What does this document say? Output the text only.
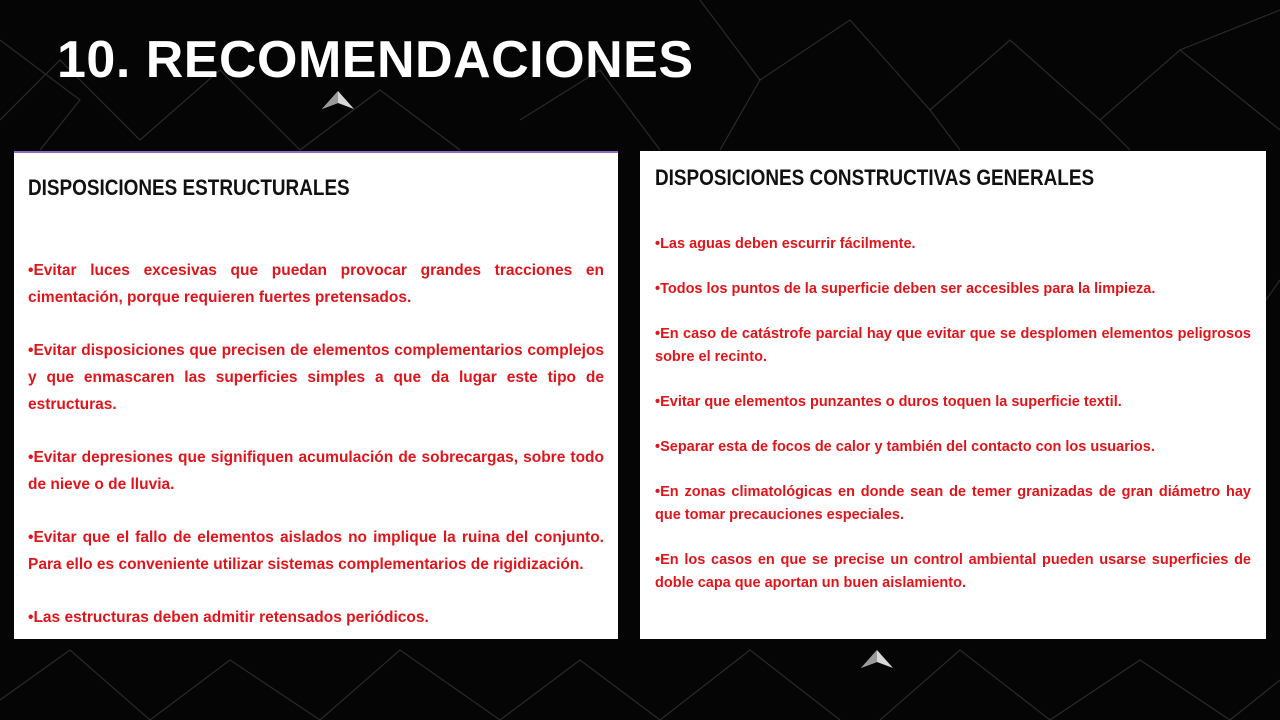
10. RECOMENDACIONES
DISPOSICIONES ESTRUCTURALES
•Evitar luces excesivas que puedan provocar grandes tracciones en cimentación, porque requieren fuertes pretensados.
•Evitar disposiciones que precisen de elementos complementarios complejos y que enmascaren las superficies simples a que da lugar este tipo de estructuras.
•Evitar depresiones que signifiquen acumulación de sobrecargas, sobre todo de nieve o de lluvia.
•Evitar que el fallo de elementos aislados no implique la ruina del conjunto. Para ello es conveniente utilizar sistemas complementarios de rigidización.
•Las estructuras deben admitir retensados periódicos.
DISPOSICIONES CONSTRUCTIVAS GENERALES
•Las aguas deben escurrir fácilmente.
•Todos los puntos de la superficie deben ser accesibles para la limpieza.
•En caso de catástrofe parcial hay que evitar que se desplomen elementos peligrosos sobre el recinto.
•Evitar que elementos punzantes o duros toquen la superficie textil.
•Separar esta de focos de calor y también del contacto con los usuarios.
•En zonas climatológicas en donde sean de temer granizadas de gran diámetro hay que tomar precauciones especiales.
•En los casos en que se precise un control ambiental pueden usarse superficies de doble capa que aportan un buen aislamiento.
